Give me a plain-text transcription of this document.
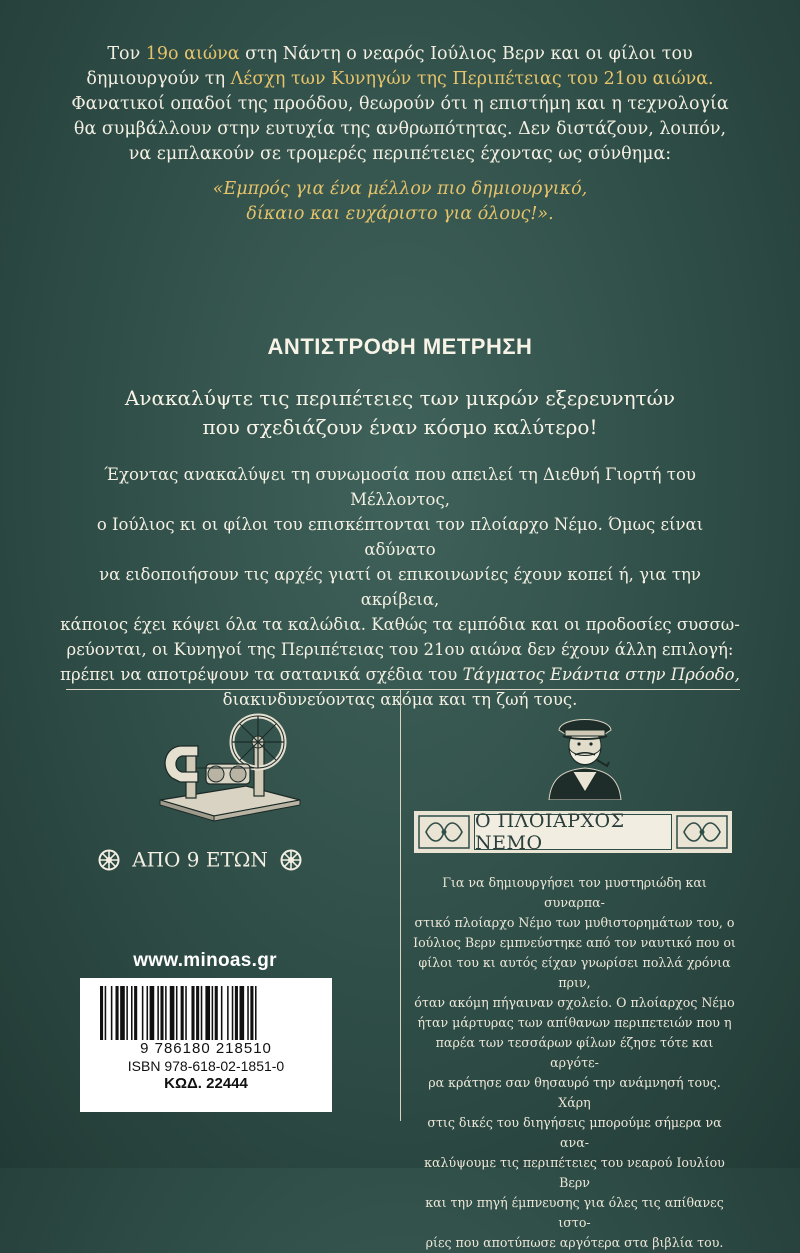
Τον 19ο αιώνα στη Νάντη ο νεαρός Ιούλιος Βερν και οι φίλοι του

δημιουργούν τη Λέσχη των Κυνηγών της Περιπέτειας του 21ου αιώνα.

Φανατικοί οπαδοί της προόδου, θεωρούν ότι η επιστήμη και η τεχνολογία

θα συμβάλλουν στην ευτυχία της ανθρωπότητας. Δεν διστάζουν, λοιπόν,

να εμπλακούν σε τρομερές περιπέτειες έχοντας ως σύνθημα:

«Εμπρός για ένα μέλλον πιο δημιουργικό,

δίκαιο και ευχάριστο για όλους!».

ΑΝΤΙΣΤΡΟΦΗ ΜΕΤΡΗΣΗ
Ανακαλύψτε τις περιπέτειες των μικρών εξερευνητών
που σχεδιάζουν έναν κόσμο καλύτερο!

Έχοντας ανακαλύψει τη συνωμοσία που απειλεί τη Διεθνή Γιορτή του Μέλλοντος,

ο Ιούλιος κι οι φίλοι του επισκέπτονται τον πλοίαρχο Νέμο. Όμως είναι αδύνατο

να ειδοποιήσουν τις αρχές γιατί οι επικοινωνίες έχουν κοπεί ή, για την ακρίβεια,

κάποιος έχει κόψει όλα τα καλώδια. Καθώς τα εμπόδια και οι προδοσίες συσσω-

ρεύονται, οι Κυνηγοί της Περιπέτειας του 21ου αιώνα δεν έχουν άλλη επιλογή:

πρέπει να αποτρέψουν τα σατανικά σχέδια του Τάγματος Ενάντια στην Πρόοδο,

διακινδυνεύοντας ακόμα και τη ζωή τους.

ΑΠΟ 9 ΕΤΩΝ
Ο ΠΛΟΙΑΡΧΟΣ ΝΕΜΟ

Για να δημιουργήσει τον μυστηριώδη και συναρπα-

στικό πλοίαρχο Νέμο των μυθιστορημάτων του, ο

Ιούλιος Βερν εμπνεύστηκε από τον ναυτικό που οι

φίλοι του κι αυτός είχαν γνωρίσει πολλά χρόνια πριν,

όταν ακόμη πήγαιναν σχολείο. Ο πλοίαρχος Νέμο

ήταν μάρτυρας των απίθανων περιπετειών που η

παρέα των τεσσάρων φίλων έζησε τότε και αργότε-

ρα κράτησε σαν θησαυρό την ανάμνησή τους. Χάρη

στις δικές του διηγήσεις μπορούμε σήμερα να ανα-

καλύψουμε τις περιπέτειες του νεαρού Ιουλίου Βερν

και την πηγή έμπνευσης για όλες τις απίθανες ιστο-

ρίες που αποτύπωσε αργότερα στα βιβλία του.

www.minoas.gr
9 786180 218510
ISBN 978-618-02-1851-0
ΚΩΔ. 22444
